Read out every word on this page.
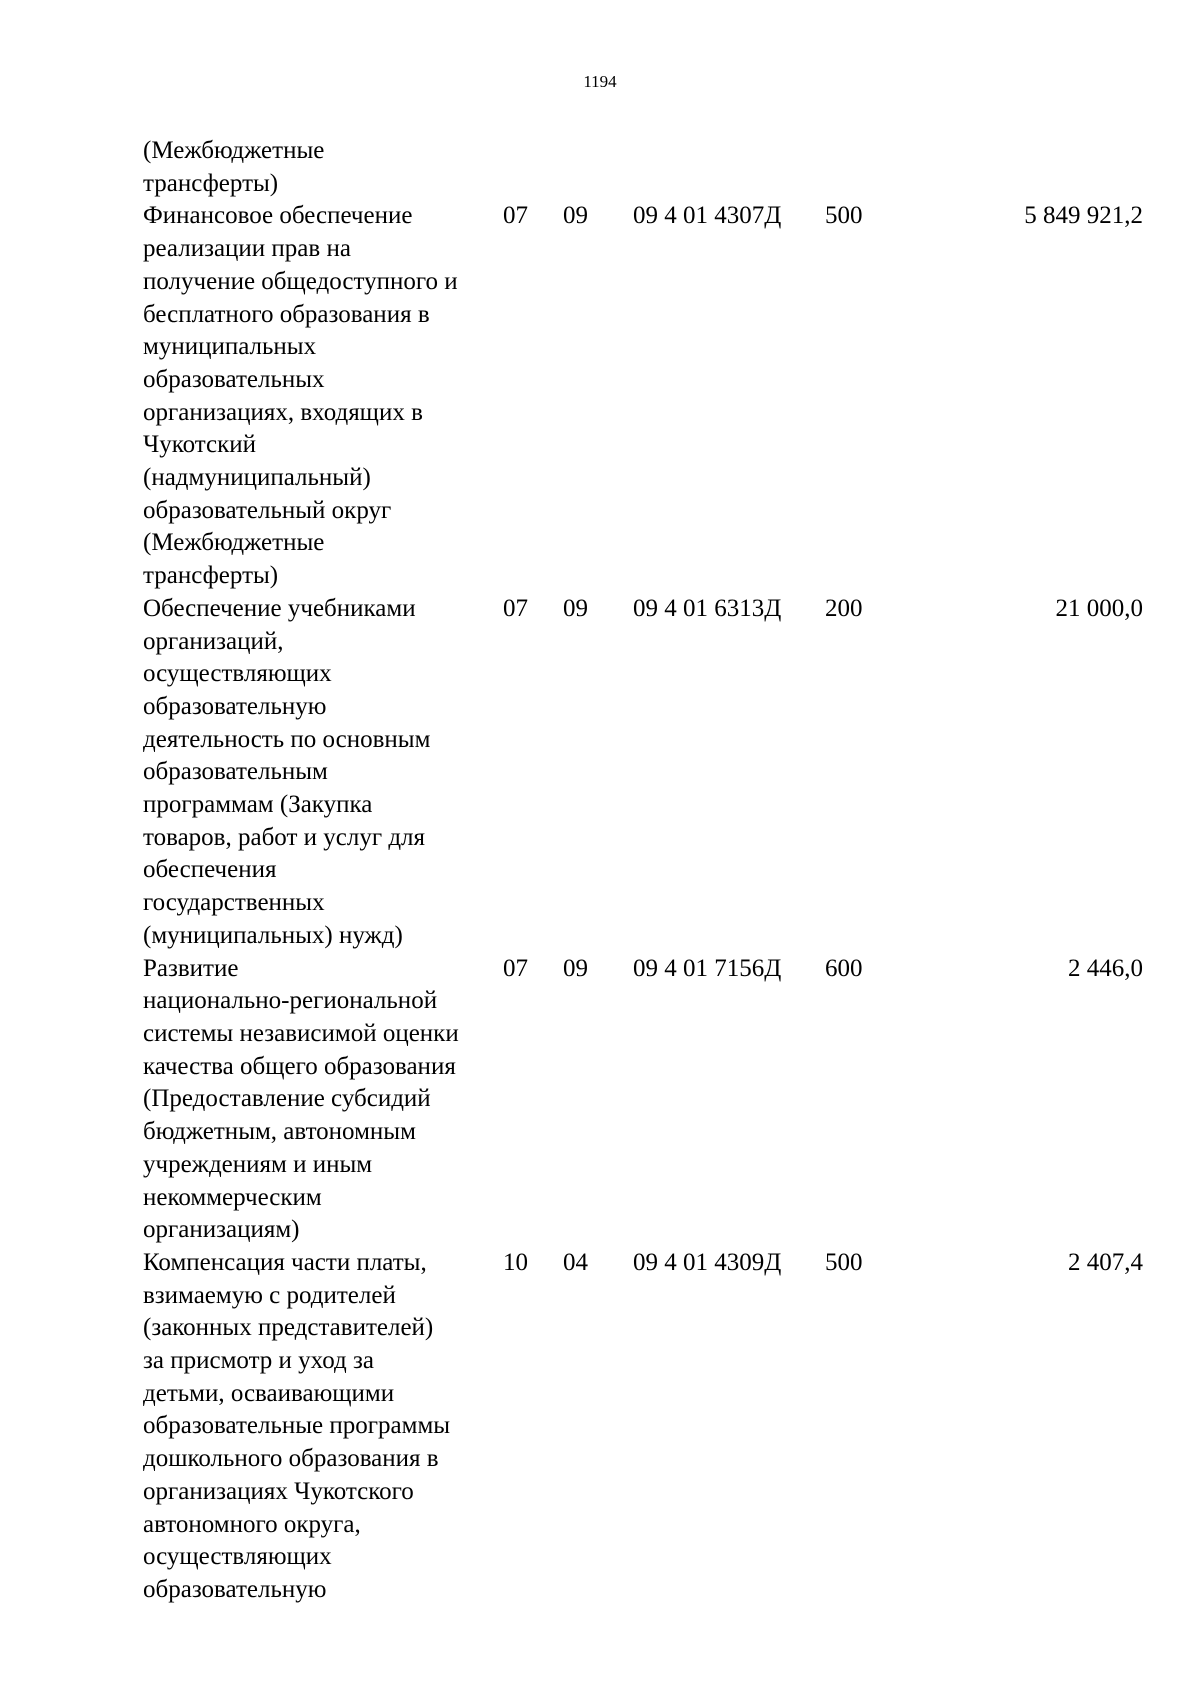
1194
(Межбюджетные
трансферты)
Финансовое обеспечение
реализации прав на
получение общедоступного и
бесплатного образования в
муниципальных
образовательных
организациях, входящих в
Чукотский
(надмуниципальный)
образовательный округ
(Межбюджетные
трансферты)
07	09	09 4 01 4307Д	500	5 849 921,2
Обеспечение учебниками
организаций,
осуществляющих
образовательную
деятельность по основным
образовательным
программам (Закупка
товаров, работ и услуг для
обеспечения
государственных
(муниципальных) нужд)
07	09	09 4 01 6313Д	200	21 000,0
Развитие
национально-региональной
системы независимой оценки
качества общего образования
(Предоставление субсидий
бюджетным, автономным
учреждениям и иным
некоммерческим
организациям)
07	09	09 4 01 7156Д	600	2 446,0
Компенсация части платы,
взимаемую с родителей
(законных представителей)
за присмотр и уход за
детьми, осваивающими
образовательные программы
дошкольного образования в
организациях Чукотского
автономного округа,
осуществляющих
образовательную
10	04	09 4 01 4309Д	500	2 407,4
